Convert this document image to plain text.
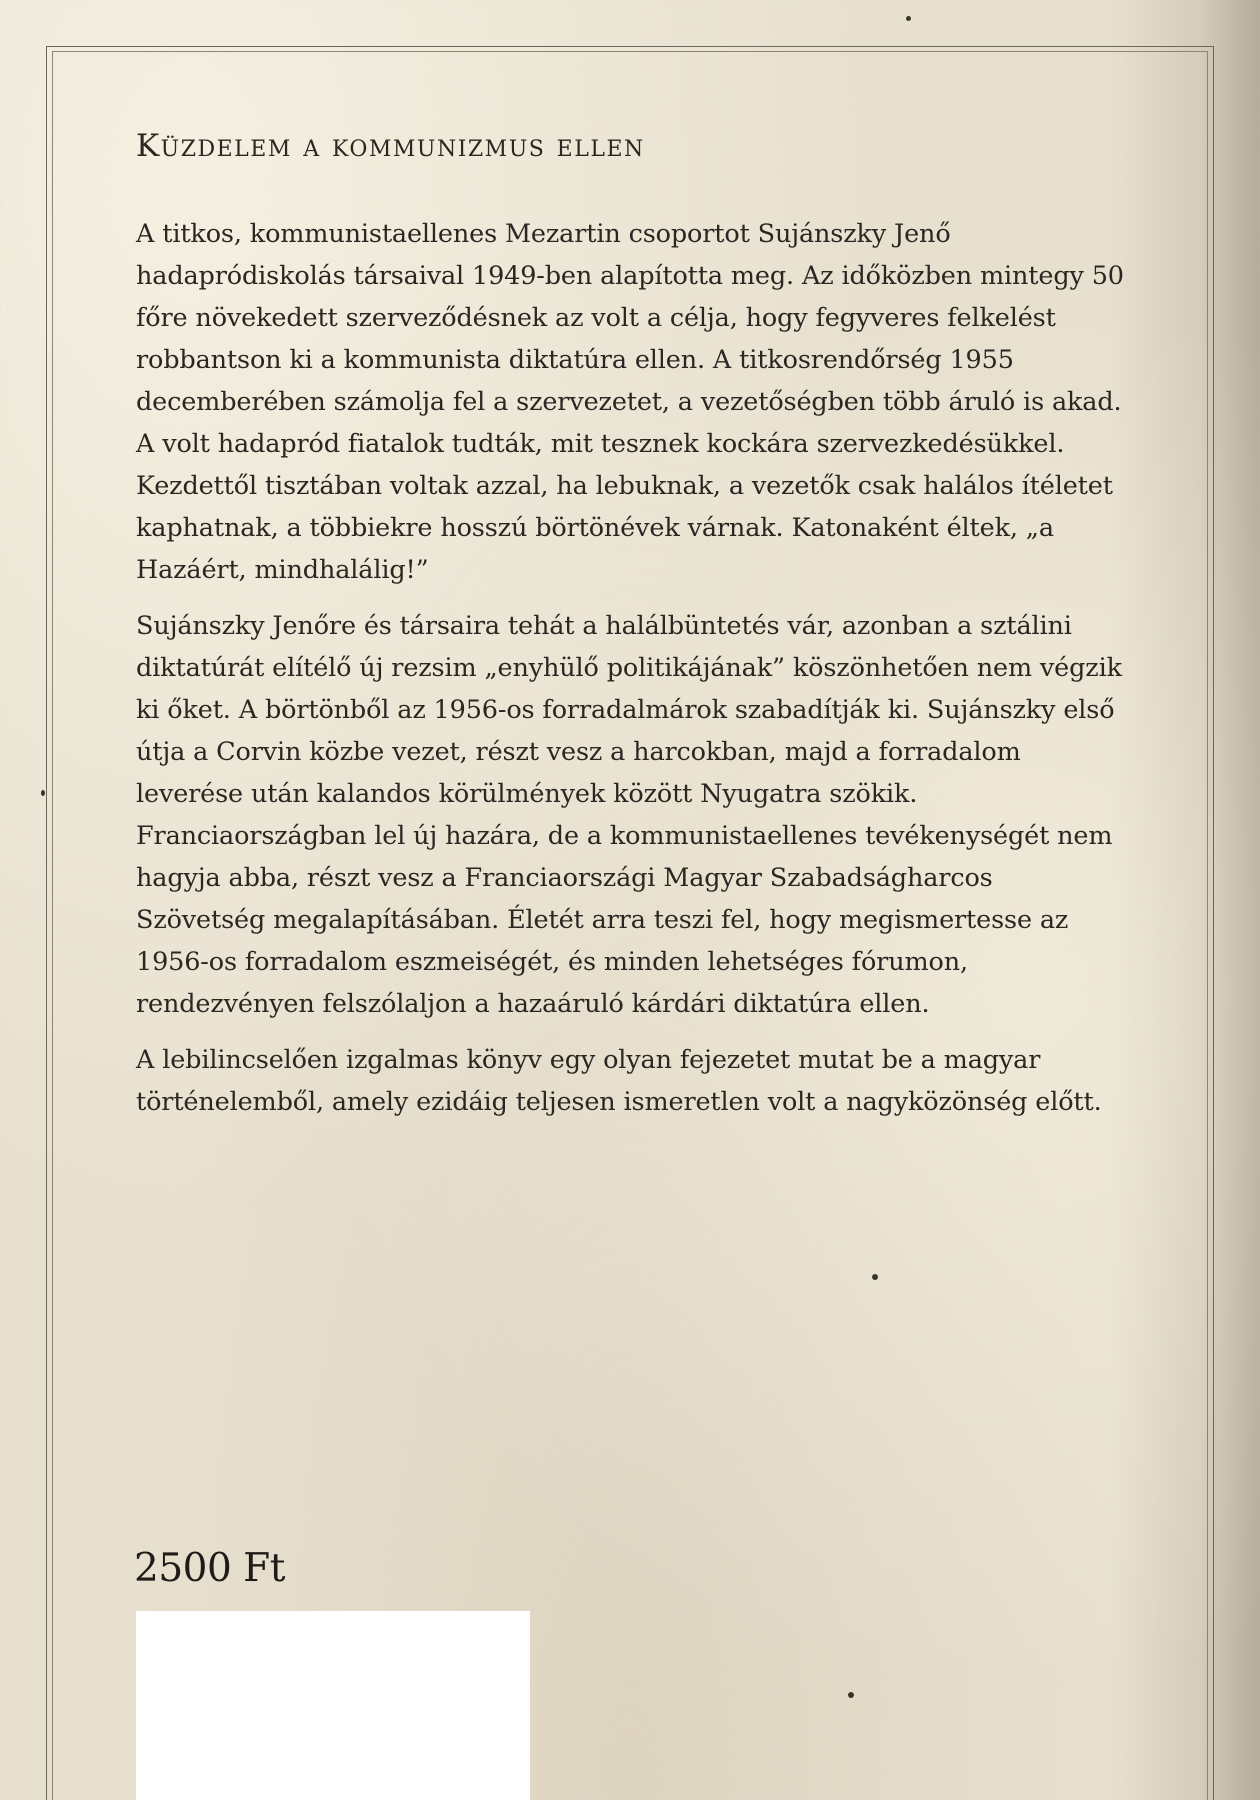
Küzdelem a kommunizmus ellen

A titkos, kommunistaellenes Mezartin csoportot Sujánszky Jenő hadapródiskolás társaival 1949-ben alapította meg. Az időközben mintegy 50 főre növekedett szerveződésnek az volt a célja, hogy fegyveres felkelést robbantson ki a kommunista diktatúra ellen. A titkosrendőrség 1955 decemberében számolja fel a szervezetet, a vezetőségben több áruló is akad. A volt hadapród fiatalok tudták, mit tesznek kockára szervezkedésükkel. Kezdettől tisztában voltak azzal, ha lebuknak, a vezetők csak halálos ítéletet kaphatnak, a többiekre hosszú börtönévek várnak. Katonaként éltek, „a Hazáért, mindhalálig!”

Sujánszky Jenőre és társaira tehát a halálbüntetés vár, azonban a sztálini diktatúrát elítélő új rezsim „enyhülő politikájának” köszönhetően nem végzik ki őket. A börtönből az 1956-os forradalmárok szabadítják ki. Sujánszky első útja a Corvin közbe vezet, részt vesz a harcokban, majd a forradalom leverése után kalandos körülmények között Nyugatra szökik. Franciaországban lel új hazára, de a kommunistaellenes tevékenységét nem hagyja abba, részt vesz a Franciaországi Magyar Szabadságharcos Szövetség megalapításában. Életét arra teszi fel, hogy megismertesse az 1956-os forradalom eszmeiségét, és minden lehetséges fórumon, rendezvényen felszólaljon a hazaáruló kárdári diktatúra ellen.

A lebilincselően izgalmas könyv egy olyan fejezetet mutat be a magyar történelemből, amely ezidáig teljesen ismeretlen volt a nagyközönség előtt.

2500 Ft
